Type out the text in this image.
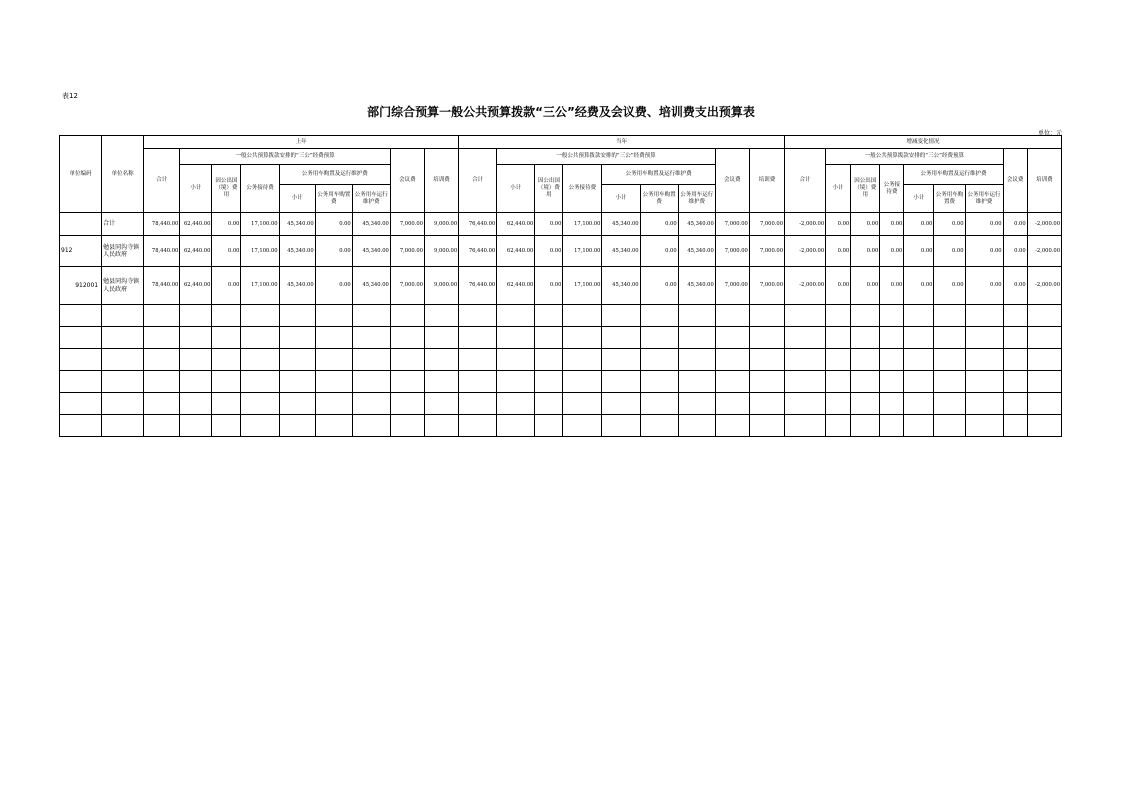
表12
部门综合预算一般公共预算拨款“三公”经费及会议费、培训费支出预算表
单位：元
单位编码	单位名称	上年									当年									增减变化情况								
		合计	一般公共预算拨款安排的“三公”经费预算						会议费	培训费	合计	一般公共预算拨款安排的“三公”经费预算						会议费	培训费	合计	一般公共预算拨款安排的“三公”经费预算						会议费	培训费
			小计	因公出国（境）费用	公务接待费	公务用车购置及运行维护费						小计	因公出国（境）费用	公务接待费	公务用车购置及运行维护费						小计	因公出国（境）费用	公务接待费	公务用车购置及运行维护费				
						小计	公务用车购置费	公务用车运行维护费							小计	公务用车购置费	公务用车运行维护费							小计	公务用车购置费	公务用车运行维护费		
	合计	78,440.00	62,440.00	0.00	17,100.00	45,340.00	0.00	45,340.00	7,000.00	9,000.00	76,440.00	62,440.00	0.00	17,100.00	45,340.00	0.00	45,340.00	7,000.00	7,000.00	-2,000.00	0.00	0.00	0.00	0.00	0.00	0.00	0.00	-2,000.00
912	勉县同沟寺镇人民政府	78,440.00	62,440.00	0.00	17,100.00	45,340.00	0.00	45,340.00	7,000.00	9,000.00	76,440.00	62,440.00	0.00	17,100.00	45,340.00	0.00	45,340.00	7,000.00	7,000.00	-2,000.00	0.00	0.00	0.00	0.00	0.00	0.00	0.00	-2,000.00
912001	勉县同沟寺镇人民政府	78,440.00	62,440.00	0.00	17,100.00	45,340.00	0.00	45,340.00	7,000.00	9,000.00	76,440.00	62,440.00	0.00	17,100.00	45,340.00	0.00	45,340.00	7,000.00	7,000.00	-2,000.00	0.00	0.00	0.00	0.00	0.00	0.00	0.00	-2,000.00
